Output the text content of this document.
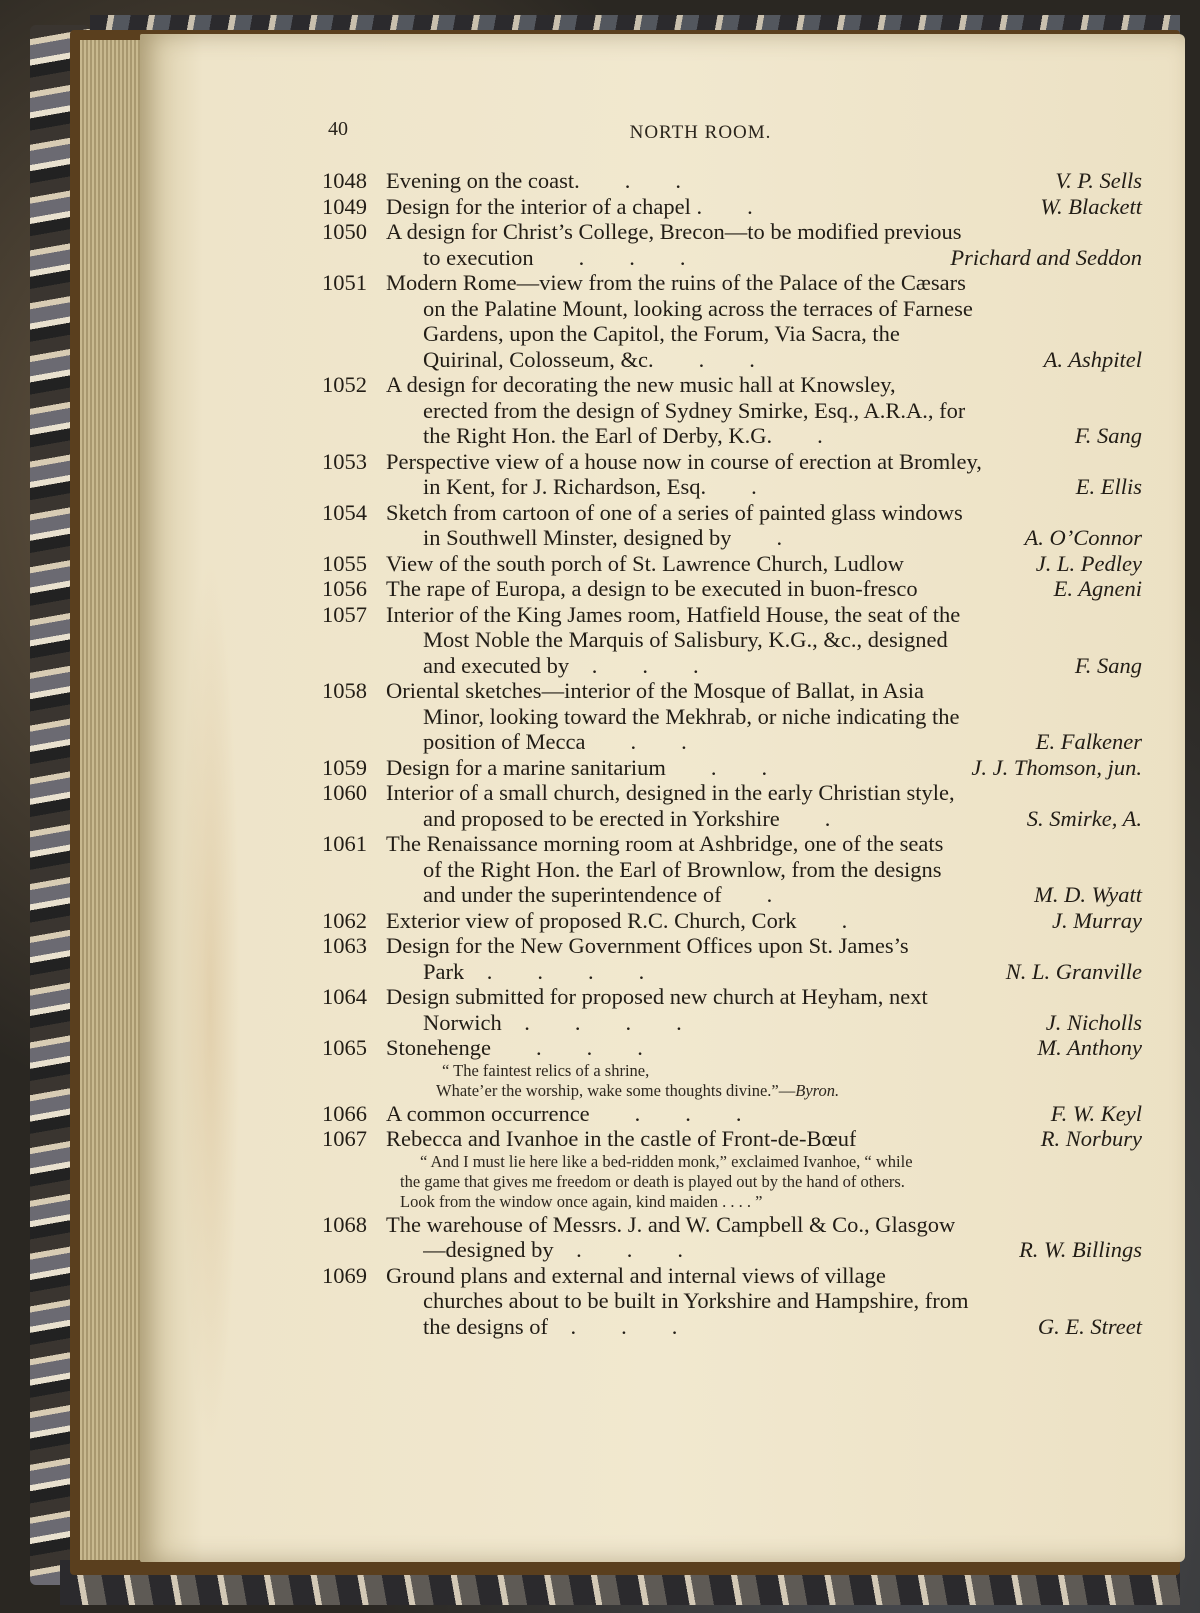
40	NORTH ROOM.
1048 Evening on the coast .        .        .	V. P. Sells
1049 Design for the interior of a chapel . .	W. Blackett
1050 A design for Christ’s College, Brecon—to be modified previous
to execution .        .        .	Prichard and Seddon
1051 Modern Rome—view from the ruins of the Palace of the Cæsars
on the Palatine Mount, looking across the terraces of Farnese
Gardens, upon the Capitol, the Forum, Via Sacra, the
Quirinal, Colosseum, &c. .        .	A. Ashpitel
1052 A design for decorating the new music hall at Knowsley,
erected from the design of Sydney Smirke, Esq., A.R.A., for
the Right Hon. the Earl of Derby, K.G. .	F. Sang
1053 Perspective view of a house now in course of erection at Bromley,
in Kent, for J. Richardson, Esq. .	E. Ellis
1054 Sketch from cartoon of one of a series of painted glass windows
in Southwell Minster, designed by .	A. O’Connor
1055 View of the south porch of St. Lawrence Church, Ludlow	J. L. Pedley
1056 The rape of Europa, a design to be executed in buon-fresco	E. Agneni
1057 Interior of the King James room, Hatfield House, the seat of the
Most Noble the Marquis of Salisbury, K.G., &c., designed
and executed by .        .        .	F. Sang
1058 Oriental sketches—interior of the Mosque of Ballat, in Asia
Minor, looking toward the Mekhrab, or niche indicating the
position of Mecca .        .	E. Falkener
1059 Design for a marine sanitarium .        .	J. J. Thomson, jun.
1060 Interior of a small church, designed in the early Christian style,
and proposed to be erected in Yorkshire .	S. Smirke, A.
1061 The Renaissance morning room at Ashbridge, one of the seats
of the Right Hon. the Earl of Brownlow, from the designs
and under the superintendence of .	M. D. Wyatt
1062 Exterior view of proposed R.C. Church, Cork .	J. Murray
1063 Design for the New Government Offices upon St. James’s
Park .        .        .        .	N. L. Granville
1064 Design submitted for proposed new church at Heyham, next
Norwich .        .        .        .	J. Nicholls
1065 Stonehenge .        .        .	M. Anthony
“ The faintest relics of a shrine,
Whate’er the worship, wake some thoughts divine.”—Byron.
1066 A common occurrence .        .        .	F. W. Keyl
1067 Rebecca and Ivanhoe in the castle of Front-de-Bœuf	R. Norbury
“ And I must lie here like a bed-ridden monk,” exclaimed Ivanhoe, “ while
the game that gives me freedom or death is played out by the hand of others.
Look from the window once again, kind maiden . . . . ”
1068 The warehouse of Messrs. J. and W. Campbell & Co., Glasgow
—designed by .        .        .	R. W. Billings
1069 Ground plans and external and internal views of village
churches about to be built in Yorkshire and Hampshire, from
the designs of .        .        .	G. E. Street
